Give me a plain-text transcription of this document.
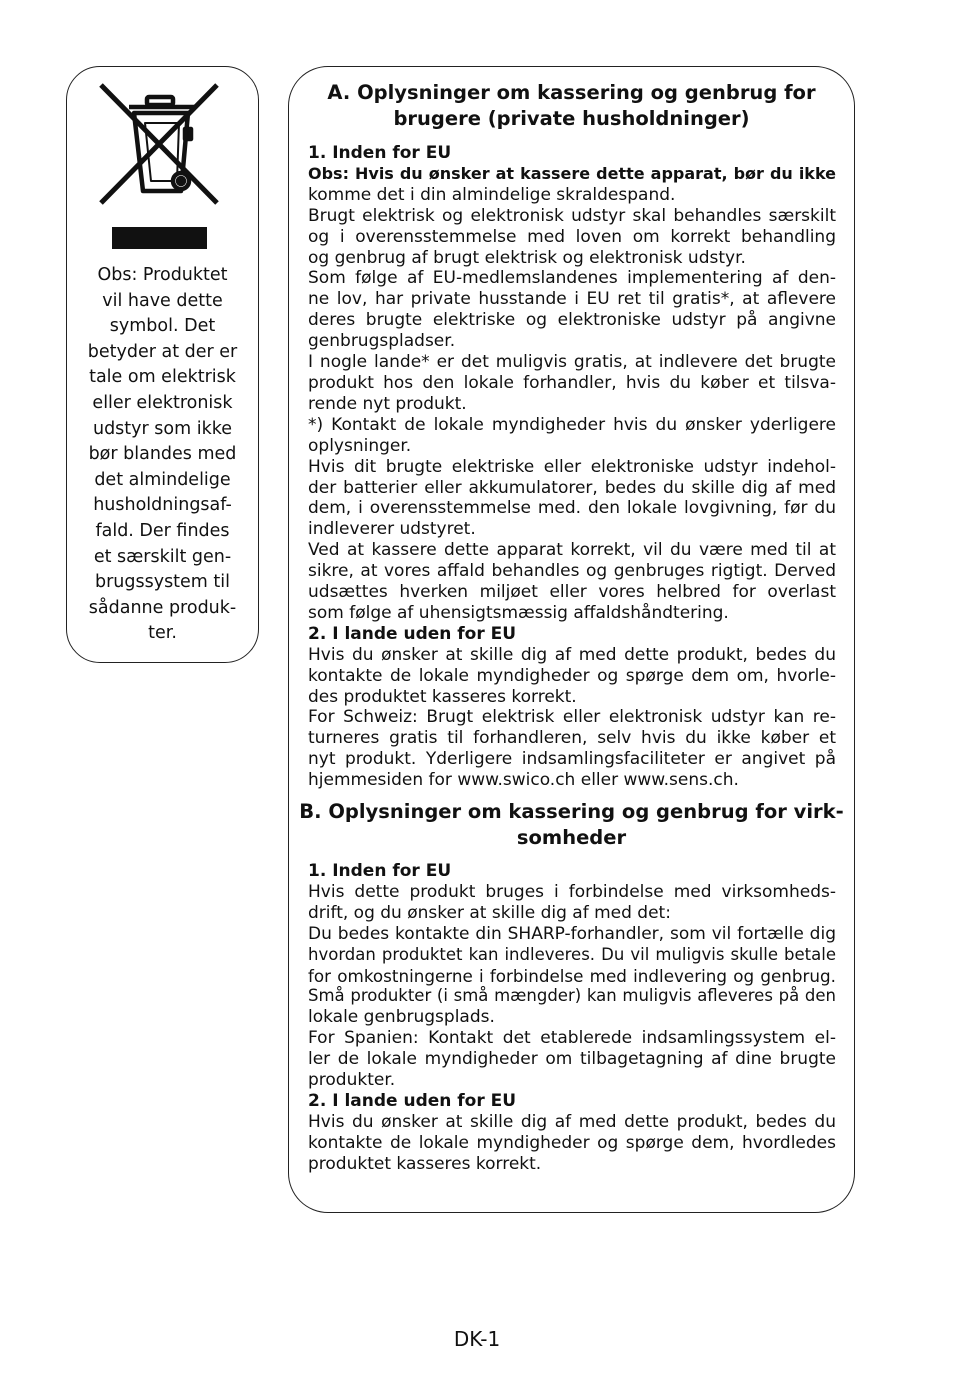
Obs: Produktet
vil have dette
symbol. Det
betyder at der er
tale om elektrisk
eller elektronisk
udstyr som ikke
bør blandes med
det almindelige
husholdningsaf-
fald. Der findes
et særskilt gen-
brugssystem til
sådanne produk-
ter.
A. Oplysninger om kassering og genbrug for
brugere (private husholdninger)
1. Inden for EU
Obs: Hvis du ønsker at kassere dette apparat, bør du ikke
komme det i din almindelige skraldespand.
Brugt elektrisk og elektronisk udstyr skal behandles særskilt
og i overensstemmelse med loven om korrekt behandling
og genbrug af brugt elektrisk og elektronisk udstyr.
Som følge af EU-medlemslandenes implementering af den-
ne lov, har private husstande i EU ret til gratis*, at aflevere
deres brugte elektriske og elektroniske udstyr på angivne
genbrugspladser.
I nogle lande* er det muligvis gratis, at indlevere det brugte
produkt hos den lokale forhandler, hvis du køber et tilsva-
rende nyt produkt.
*) Kontakt de lokale myndigheder hvis du ønsker yderligere
oplysninger.
Hvis dit brugte elektriske eller elektroniske udstyr indehol-
der batterier eller akkumulatorer, bedes du skille dig af med
dem, i overensstemmelse med. den lokale lovgivning, før du
indleverer udstyret.
Ved at kassere dette apparat korrekt, vil du være med til at
sikre, at vores affald behandles og genbruges rigtigt. Derved
udsættes hverken miljøet eller vores helbred for overlast
som følge af uhensigtsmæssig affaldshåndtering.
2. I lande uden for EU
Hvis du ønsker at skille dig af med dette produkt, bedes du
kontakte de lokale myndigheder og spørge dem om, hvorle-
des produktet kasseres korrekt.
For Schweiz: Brugt elektrisk eller elektronisk udstyr kan re-
turneres gratis til forhandleren, selv hvis du ikke køber et
nyt produkt. Yderligere indsamlingsfaciliteter er angivet på
hjemmesiden for www.swico.ch eller www.sens.ch.
B. Oplysninger om kassering og genbrug for virk-
somheder
1. Inden for EU
Hvis dette produkt bruges i forbindelse med virksomheds-
drift, og du ønsker at skille dig af med det:
Du bedes kontakte din SHARP-forhandler, som vil fortælle dig
hvordan produktet kan indleveres. Du vil muligvis skulle betale
for omkostningerne i forbindelse med indlevering og genbrug.
Små produkter (i små mængder) kan muligvis afleveres på den
lokale genbrugsplads.
For Spanien: Kontakt det etablerede indsamlingssystem el-
ler de lokale myndigheder om tilbagetagning af dine brugte
produkter.
2. I lande uden for EU
Hvis du ønsker at skille dig af med dette produkt, bedes du
kontakte de lokale myndigheder og spørge dem, hvordledes
produktet kasseres korrekt.
DK-1
